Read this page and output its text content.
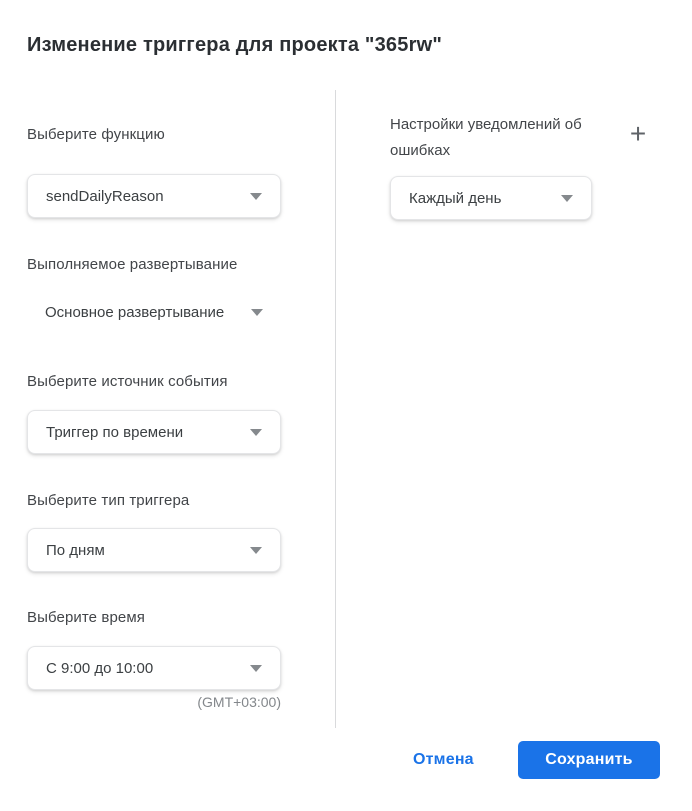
Изменение триггера для проекта "365rw"
Выберите функцию
sendDailyReason
Выполняемое развертывание
Основное развертывание
Выберите источник события
Триггер по времени
Выберите тип триггера
По дням
Выберите время
С 9:00 до 10:00
(GMT+03:00)
Настройки уведомлений об ошибках
+
Каждый день
Отмена	Сохранить
